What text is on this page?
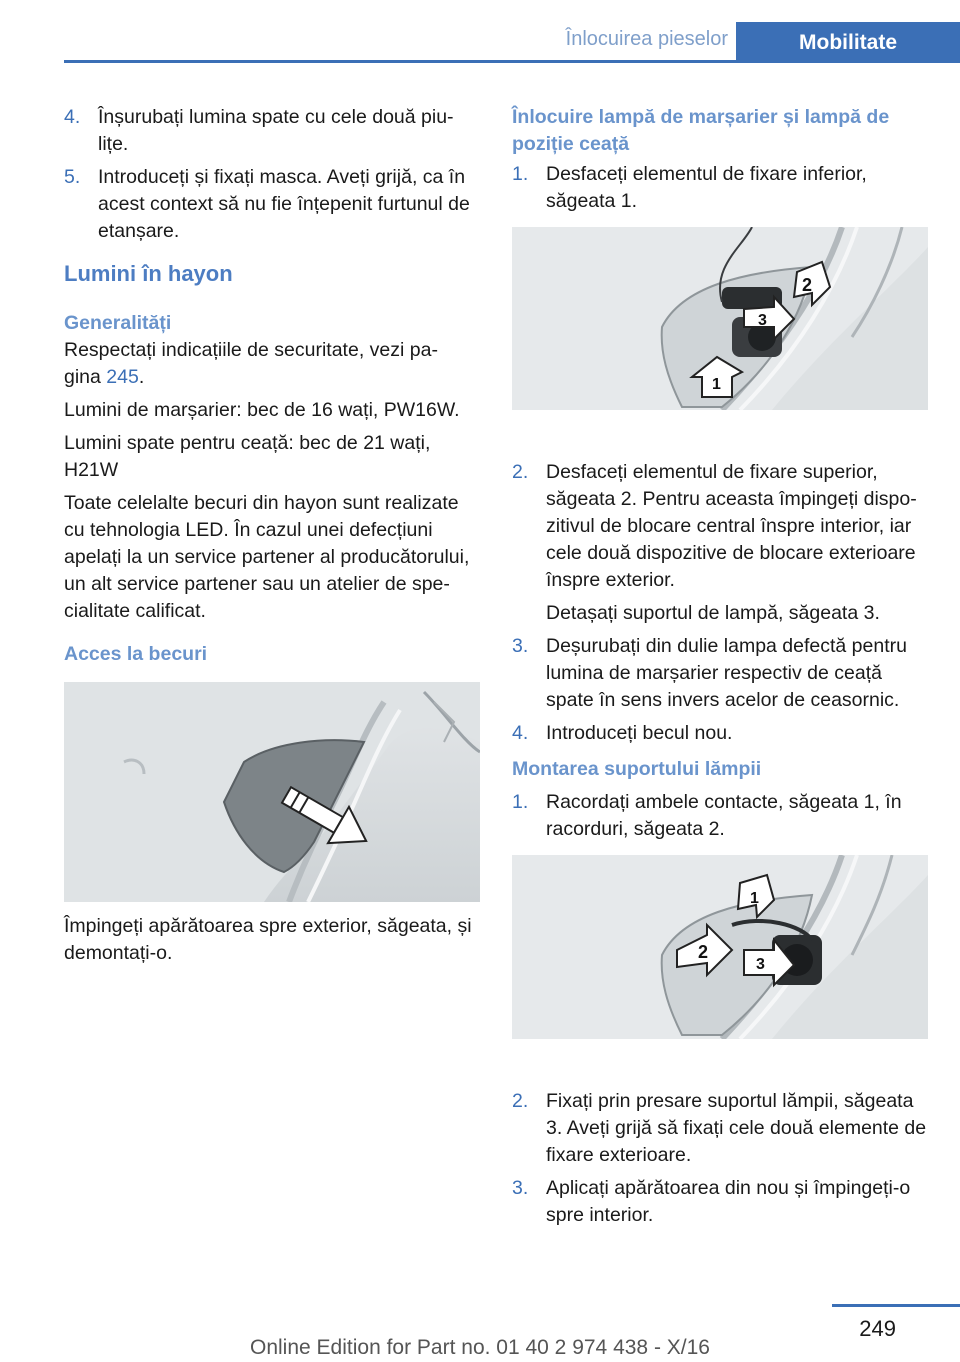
Înlocuirea pieselor	Mobilitate
4. Înșurubați lumina spate cu cele două piu‐ lițe.
5. Introduceți și fixați masca. Aveți grijă, ca în acest context să nu fie înțepenit furtunul de etanșare.
Lumini în hayon
Generalități
Respectați indicațiile de securitate, vezi pa‐ gina 245.
Lumini de marșarier: bec de 16 wați, PW16W.
Lumini spate pentru ceață: bec de 21 wați, H21W
Toate celelalte becuri din hayon sunt realizate cu tehnologia LED. În cazul unei defecțiuni apelați la un service partener al producătorului, un alt service partener sau un atelier de spe‐ cialitate calificat.
Acces la becuri
Împingeți apărătoarea spre exterior, săgeata, și demontați-o.
Înlocuire lampă de marșarier și lampă de poziție ceață
1. Desfaceți elementul de fixare inferior, săgeata 1.
2
3
1
2. Desfaceți elementul de fixare superior, săgeata 2. Pentru aceasta împingeți dispo‐ zitivul de blocare central înspre interior, iar cele două dispozitive de blocare exterioare înspre exterior.
Detașați suportul de lampă, săgeata 3.
3. Deșurubați din dulie lampa defectă pentru lumina de marșarier respectiv de ceață spate în sens invers acelor de ceasornic.
4. Introduceți becul nou.
Montarea suportului lămpii
1. Racordați ambele contacte, săgeata 1, în racorduri, săgeata 2.
1
2
3
2. Fixați prin presare suportul lămpii, săgeata 3. Aveți grijă să fixați cele două elemente de fixare exterioare.
3. Aplicați apărătoarea din nou și împingeți-o spre interior.
249
Online Edition for Part no. 01 40 2 974 438 - X/16
